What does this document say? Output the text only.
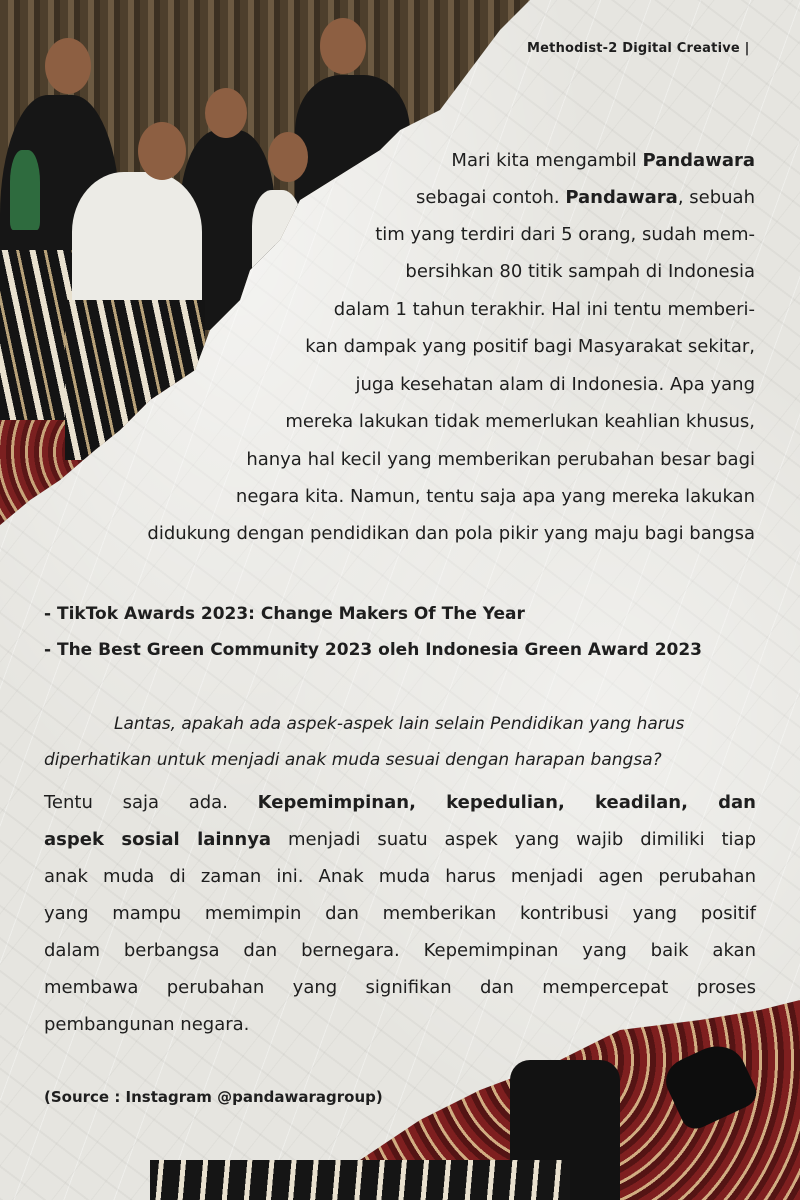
Methodist-2 Digital Creative |

Mari kita mengambil Pandawara
sebagai contoh. Pandawara, sebuah
tim yang terdiri dari 5 orang, sudah mem-
bersihkan 80 titik sampah di Indonesia
dalam 1 tahun terakhir. Hal ini tentu memberi-
kan dampak yang positif bagi Masyarakat sekitar,
juga kesehatan alam di Indonesia. Apa yang
mereka lakukan tidak memerlukan keahlian khusus,
hanya hal kecil yang memberikan perubahan besar bagi
negara kita. Namun, tentu saja apa yang mereka lakukan
didukung dengan pendidikan dan pola pikir yang maju bagi bangsa
- TikTok Awards 2023: Change Makers Of The Year
- The Best Green Community 2023 oleh Indonesia Green Award 2023
Lantas, apakah ada aspek-aspek lain selain Pendidikan yang harus
diperhatikan untuk menjadi anak muda sesuai dengan harapan bangsa?
Tentu saja ada. Kepemimpinan, kepedulian, keadilan, dan
aspek sosial lainnya menjadi suatu aspek yang wajib dimiliki tiap
anak muda di zaman ini. Anak muda harus menjadi agen perubahan
yang mampu memimpin dan memberikan kontribusi yang positif
dalam berbangsa dan bernegara. Kepemimpinan yang baik akan
membawa perubahan yang signifikan dan mempercepat proses
pembangunan negara.

(Source : Instagram @pandawaragroup)
